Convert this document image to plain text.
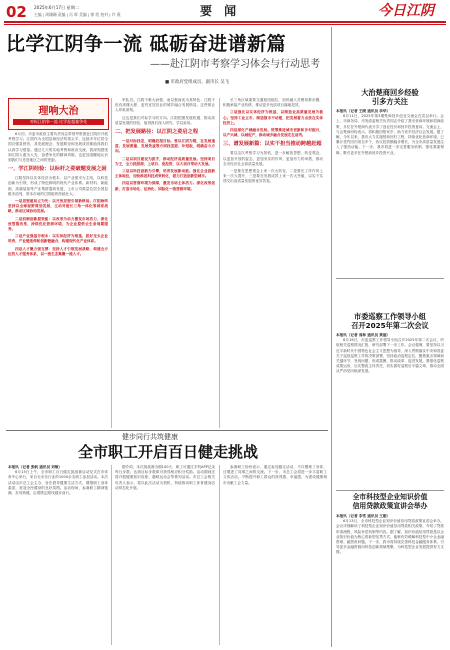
02 2025年6月17日 星期二
主编 | 周珊珊 责编 | 冯 晖 美编 | 徐 欣 校对 | 许 燕	要 闻	今日江阴
比学江阴争一流 砥砺奋进谱新篇
——赴江阴市考察学习体会与行动思考
■ 市政府党组成员、副市长 吴飞
理响大治
对标江阴争一流 比学赶超兼争先

6月初，市委市政府主要负责同志带领考察团赴江阴市开展考察学习。江阴作为全国县域经济的领头羊，连续多年位居全国百强县榜首，其发展理念、发展路径和发展成效都值得我们认真学习借鉴。通过几天的实地考察和座谈交流，我深刻感受到江阴人敢为人先、奋勇争先的精神风貌，也更加清醒地认识到我们与先进地区之间的差距。

一、学江阴经验：以标杆之姿破题发展之困

江阴坚持以实体经济为根本，以产业强市为主线，以科技创新为引领，形成了特色鲜明的现代产业体系。新材料、新能源、高端装备等产业集群蓬勃发展，上市公司数量位居全国县级市前列，资本市场的江阴板块持续壮大。

一是思想破局立为先：以开放思想引领新格局。江阴始终坚持以全球视野谋划发展，主动对接长三角一体化等国家战略，推动区域协同发展。

二是机制创新提效能：以改革为动力激发市场活力，深化放管服改革，持续优化营商环境，为企业提供全生命周期服务。

三是产业强基夯根本：以实体经济为根基，抓好龙头企业培育、产业链延伸和创新链融合，构建现代化产业体系。

四是人才聚力强支撑：坚持人才引领发展战略，构建全方位的人才服务体系，以一流生态集聚一流人才。

军队员。江阴不唯大而强，而以强而优为其特色；江阴不但有高楼大厦、更有宜居宜业的城乡融合发展格局，这些都让人印象深刻。

这也是我们对标学习的方向。江阴把握发展机遇、推动高质量发展的经验，值得我们深入研究、学以致用。

二、把发展路径：以江阴之姿启之程

一是对标找差，明确赶超目标。要以江阴为镜，在发展速度、发展质量、发展效益等方面找差距、补短板，明确奋斗方向。

二是以项目建设为抓手，推动经济高质量发展。坚持项目为王，全力抓招商、上项目、促投资，以大项目带动大发展。

三是以科技创新为引擎，培育发展新动能。强化企业创新主体地位，加快推进科技成果转化，着力打造创新型城市。

四是以营商环境为保障，激发市场主体活力。深化改革创新，打造市场化、法治化、国际化一流营商环境。

长三角区域重要交通枢纽地位，加快融入苏锡常都市圈，积极承接产业转移，推动更多优质项目落地见效。

三是强化以实体经济为根基，以制造业高质量发展为核心。坚持工业立市、制造强市不动摇，把发展着力点放在实体经济上。

四是深化产城融合发展。统筹推进城市更新和乡村振兴，以产兴城、以城促产，推动城乡融合发展走在前列。

三、谱发展新篇：以实干担当推动跨越赶超

要以这次考察学习为契机，进一步解放思想、转变观念，以更加开放的姿态、更加务实的作风、更加有力的举措，推动全市经济社会高质量发展。

一是要在思想观念上来一次大转变，二是要在工作作风上来一次大提升，三是要在发展成效上来一次大突破，以实干实绩交出高质量发展的优异答卷。

大治楚商回乡经验
引多方关注
本报讯（记者 王晓 通讯员 李华）
6月11日，2025年第3期楚商回乡创业交流会在武汉举行。会上，市商务局、市发改委相关负责同志介绍了我市营商环境和招商政策，多位在外楚商代表分享了创业经历和回乡投资意向。交流会上，与会楚商纷纷表示，将积极回报家乡，助力家乡经济社会发展。据了解，今年以来，我市大力实施楚商回归工程，持续优化营商环境，已累计签约回归项目多个，协议投资额稳步增长，为全市高质量发展注入了强劲动能。下一步，我市将进一步完善服务机制，强化要素保障，吸引更多在外楚商回乡投资兴业。
市委巡察工作领导小组
召开2025年第二次会议
本报讯（记者 周林 通讯员 黄丽）
6月16日，市委巡察工作领导小组召开2025年第二次会议，听取相关巡察情况汇报，研究部署下一步工作。会议强调，要坚持以习近平新时代中国特色社会主义思想为指导，深入贯彻落实中央和省委关于巡视巡察工作的决策部署，坚持政治巡察定位，聚焦重点领域和关键环节，发现问题、形成震慑、推动改革、促进发展。要强化巡察成果运用，压实整改主体责任，切实做好巡察后半篇文章，推动全面从严治党向纵深发展。
全市科技型企业知识价值
信用贷款政策宣讲会举办
本报讯（记者 李雪 通讯员 王刚）
6月13日，全市科技型企业知识价值信用贷款政策宣讲会举办。会议详细解读了科技型企业知识价值信用贷款相关政策，介绍了贷款申请流程、风险补偿机制等内容。据了解，知识价值信用贷款是以企业知识价值为核心的新型信贷方式，能够有效缓解科技型中小企业融资难、融资贵问题。下一步，我市将持续完善科技金融服务体系，引导更多金融资源向科技创新领域集聚，为科技型企业发展提供有力支撑。
健步同行共筑健康
全市职工开启百日健走挑战
本报讯（记者 张帆 通讯员 刘敏）
6月15日上午，全市职工百日健走挑战赛启动仪式在市体育中心举行，来自全市各行业的1000余名职工参加活动。本次活动由市总工会主办，旨在倡导健康生活方式，增强职工身体素质，营造全民健身的良好氛围。活动现场，参赛职工精神饱满、步伐矫健，沿着既定路线健步前行。
据介绍，本次挑战赛为期100天，职工可通过手机APP记录每日步数，达到目标步数即可获得相应积分奖励。活动期间还将开展健康知识讲座、趣味运动会等系列活动。市总工会相关负责人表示，将以此次活动为契机，持续推动职工体育健身活动常态化开展。
参赛职工纷纷表示，通过参加健走活动，不仅锻炼了身体，还增进了同事之间的交流。下一步，市总工会将进一步丰富职工文体活动，不断提升职工群众的获得感、幸福感，为建设健康城市贡献工会力量。
